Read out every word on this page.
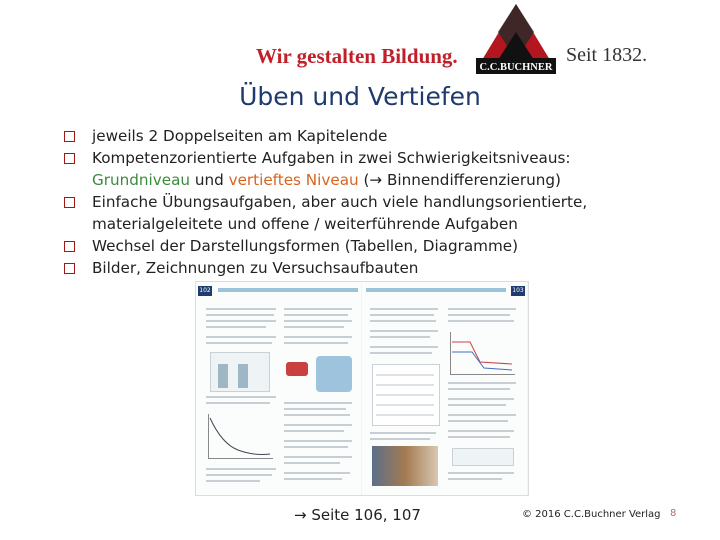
Wir gestalten Bildung. C.C.BUCHNER
Seit 1832.
Üben und Vertiefen
jeweils 2 Doppelseiten am Kapitelende
Kompetenzorientierte Aufgaben in zwei Schwierigkeitsniveaus:
Grundniveau und vertieftes Niveau (→ Binnendifferenzierung)
Einfache Übungsaufgaben, aber auch viele handlungsorientierte,
materialgeleitete und offene / weiterführende Aufgaben
Wechsel der Darstellungsformen (Tabellen, Diagramme)
Bilder, Zeichnungen zu Versuchsaufbauten
102	103
→ Seite 106, 107	© 2016 C.C.Buchner Verlag 8
